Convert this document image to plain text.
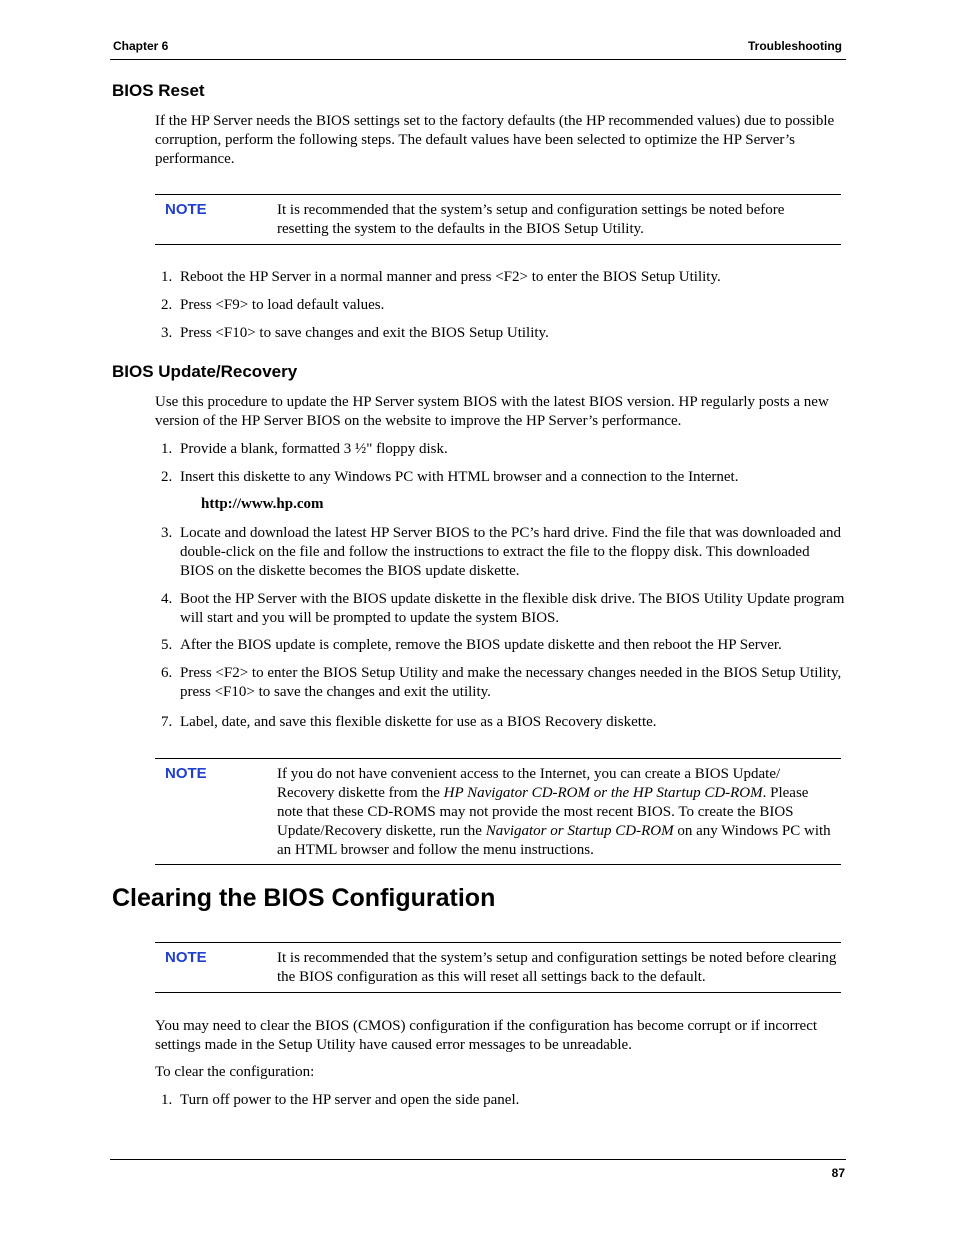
Chapter 6	Troubleshooting
BIOS Reset
If the HP Server needs the BIOS settings set to the factory defaults (the HP recommended values) due to possible corruption, perform the following steps. The default values have been selected to optimize the HP Server’s performance.
NOTE	It is recommended that the system’s setup and configuration settings be noted before resetting the system to the defaults in the BIOS Setup Utility.
1. Reboot the HP Server in a normal manner and press <F2> to enter the BIOS Setup Utility.
2. Press <F9> to load default values.
3. Press <F10> to save changes and exit the BIOS Setup Utility.
BIOS Update/Recovery
Use this procedure to update the HP Server system BIOS with the latest BIOS version. HP regularly posts a new version of the HP Server BIOS on the website to improve the HP Server’s performance.
1. Provide a blank, formatted 3 ½" floppy disk.
2. Insert this diskette to any Windows PC with HTML browser and a connection to the Internet.
http://www.hp.com
3. Locate and download the latest HP Server BIOS to the PC’s hard drive. Find the file that was downloaded and double-click on the file and follow the instructions to extract the file to the floppy disk. This downloaded BIOS on the diskette becomes the BIOS update diskette.
4. Boot the HP Server with the BIOS update diskette in the flexible disk drive. The BIOS Utility Update program will start and you will be prompted to update the system BIOS.
5. After the BIOS update is complete, remove the BIOS update diskette and then reboot the HP Server.
6. Press <F2> to enter the BIOS Setup Utility and make the necessary changes needed in the BIOS Setup Utility, press <F10> to save the changes and exit the utility.
7. Label, date, and save this flexible diskette for use as a BIOS Recovery diskette.
NOTE	If you do not have convenient access to the Internet, you can create a BIOS Update/ Recovery diskette from the HP Navigator CD-ROM or the HP Startup CD-ROM. Please note that these CD-ROMS may not provide the most recent BIOS. To create the BIOS Update/Recovery diskette, run the Navigator or Startup CD-ROM on any Windows PC with an HTML browser and follow the menu instructions.
Clearing the BIOS Configuration
NOTE	It is recommended that the system’s setup and configuration settings be noted before clearing the BIOS configuration as this will reset all settings back to the default.
You may need to clear the BIOS (CMOS) configuration if the configuration has become corrupt or if incorrect settings made in the Setup Utility have caused error messages to be unreadable.
To clear the configuration:
1. Turn off power to the HP server and open the side panel.
87
